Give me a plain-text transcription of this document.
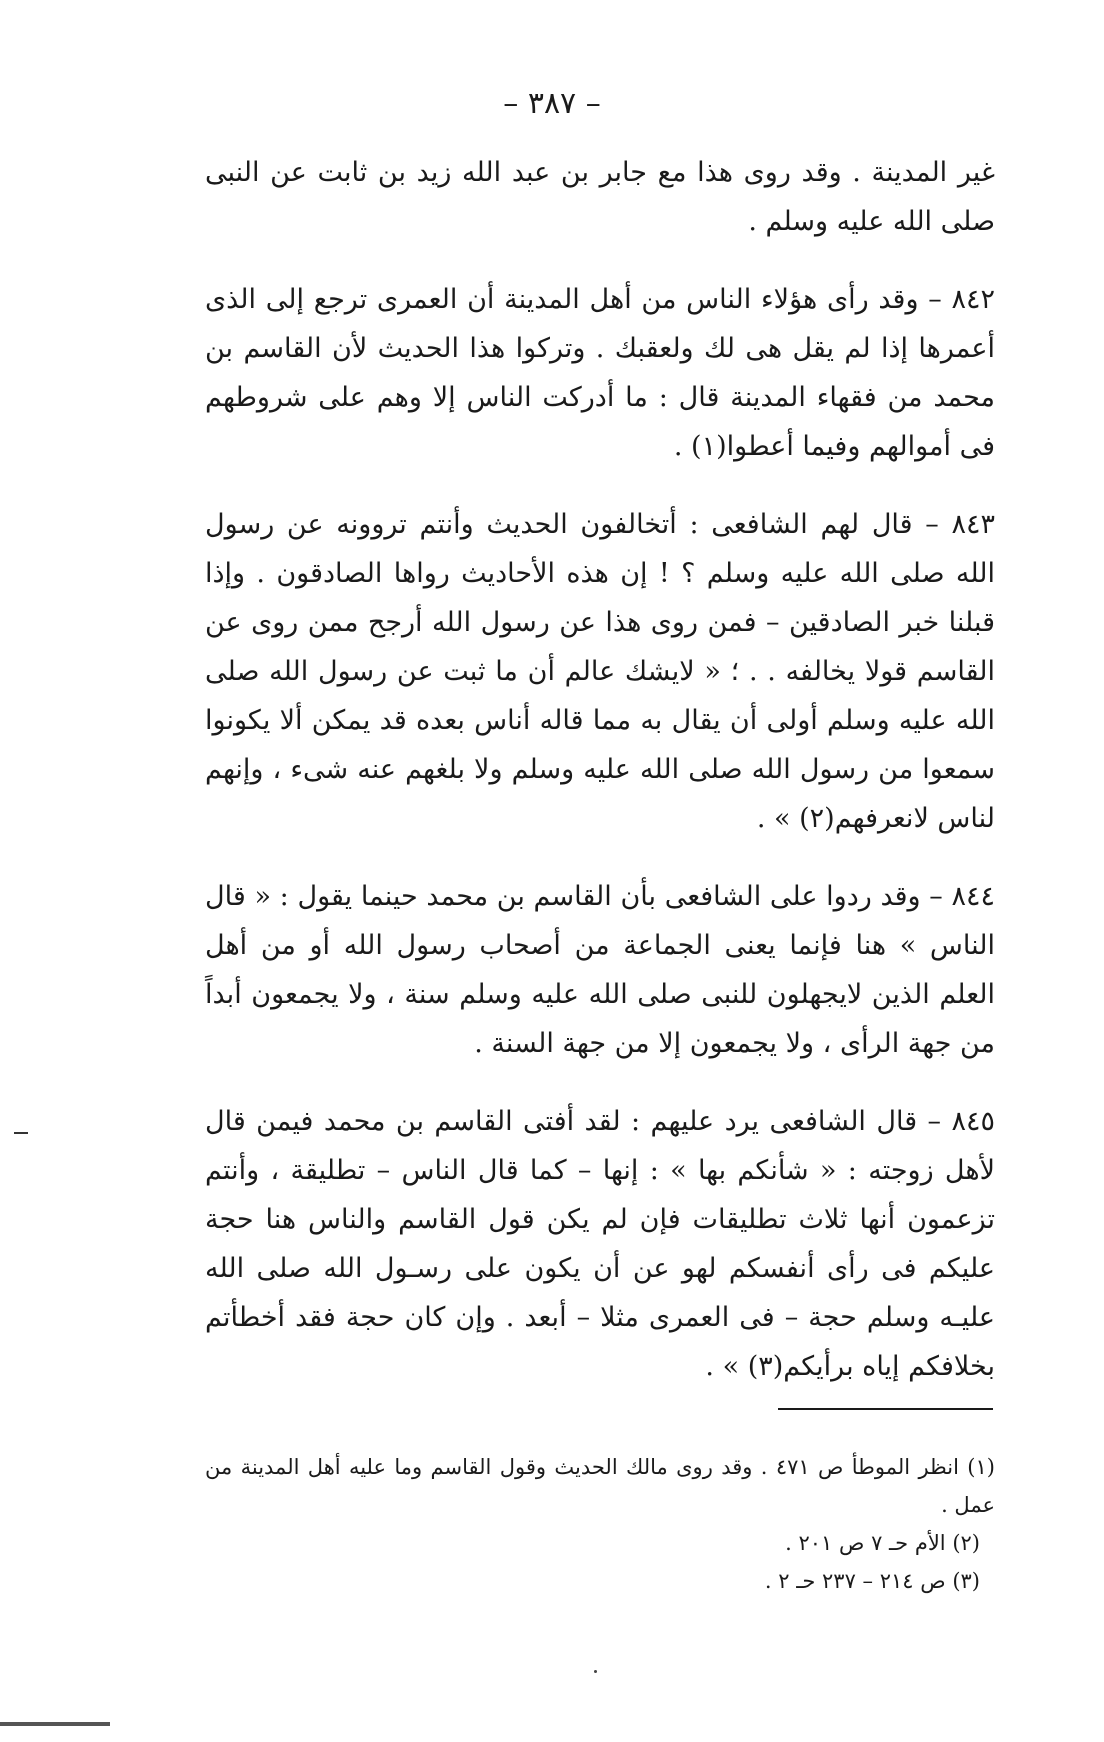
– ٣٨٧ –

غير المدينة . وقد روى هذا مع جابر بن عبد الله زيد بن ثابت عن النبى صلى الله عليه وسلم .

٨٤٢ – وقد رأى هؤلاء الناس من أهل المدينة أن العمرى ترجع إلى الذى أعمرها إذا لم يقل هى لك ولعقبك . وتركوا هذا الحديث لأن القاسم بن محمد من فقهاء المدينة قال : ما أدركت الناس إلا وهم على شروطهم فى أموالهم وفيما أعطوا(١) .

٨٤٣ – قال لهم الشافعى : أتخالفون الحديث وأنتم تروونه عن رسول الله صلى الله عليه وسلم ؟ ! إن هذه الأحاديث رواها الصادقون . وإذا قبلنا خبر الصادقين – فمن روى هذا عن رسول الله أرجح ممن روى عن القاسم قولا يخالفه . . ؛ « لايشك عالم أن ما ثبت عن رسول الله صلى الله عليه وسلم أولى أن يقال به مما قاله أناس بعده قد يمكن ألا يكونوا سمعوا من رسول الله صلى الله عليه وسلم ولا بلغهم عنه شىء ، وإنهم لناس لانعرفهم(٢) » .

٨٤٤ – وقد ردوا على الشافعى بأن القاسم بن محمد حينما يقول : « قال الناس » هنا فإنما يعنى الجماعة من أصحاب رسول الله أو من أهل العلم الذين لايجهلون للنبى صلى الله عليه وسلم سنة ، ولا يجمعون أبداً من جهة الرأى ، ولا يجمعون إلا من جهة السنة .

٨٤٥ – قال الشافعى يرد عليهم : لقد أفتى القاسم بن محمد فيمن قال لأهل زوجته : « شأنكم بها » : إنها – كما قال الناس – تطليقة ، وأنتم تزعمون أنها ثلاث تطليقات فإن لم يكن قول القاسم والناس هنا حجة عليكم فى رأى أنفسكم لهو عن أن يكون على رسـول الله صلى الله عليـه وسلم حجة – فى العمرى مثلا – أبعد . وإن كان حجة فقد أخطأتم بخلافكم إياه برأيكم(٣) » .

(١) انظر الموطأ ص ٤٧١ . وقد روى مالك الحديث وقول القاسم وما عليه أهل المدينة من عمل .

(٢) الأم حـ ٧ ص ٢٠١ .

(٣) ص ٢١٤ – ٢٣٧ حـ ٢ .
